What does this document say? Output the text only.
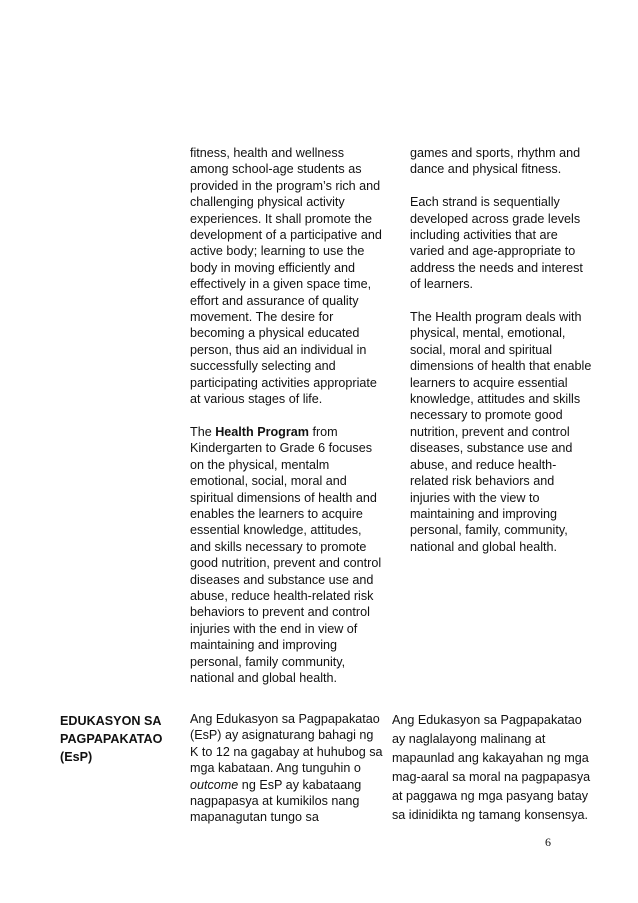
fitness, health and wellness

among school-age students as

provided in the program’s rich and

challenging physical activity

experiences. It shall promote the

development of a participative and

active body; learning to use the

body in moving efficiently and

effectively in a given space time,

effort and assurance of quality

movement. The desire for

becoming a physical educated

person, thus aid an individual in

successfully selecting and

participating activities appropriate

at various stages of life.

The Health Program from

Kindergarten to Grade 6 focuses

on the physical, mentalm

emotional, social, moral and

spiritual dimensions of health and

enables the learners to acquire

essential knowledge, attitudes,

and skills necessary to promote

good nutrition, prevent and control

diseases and substance use and

abuse, reduce health-related risk

behaviors to prevent and control

injuries with the end in view of

maintaining and improving

personal, family community,

national and global health.

games and sports, rhythm and

dance and physical fitness.

Each strand is sequentially

developed across grade levels

including activities that are

varied and age-appropriate to

address the needs and interest

of learners.

The Health program deals with

physical, mental, emotional,

social, moral and spiritual

dimensions of health that enable

learners to acquire essential

knowledge, attitudes and skills

necessary to promote good

nutrition, prevent and control

diseases, substance use and

abuse, and reduce health-

related risk behaviors and

injuries with the view to

maintaining and improving

personal, family, community,

national and global health.

EDUKASYON SA
PAGPAPAKATAO
(EsP)

Ang Edukasyon sa Pagpapakatao

(EsP) ay asignaturang bahagi ng

K to 12 na gagabay at huhubog sa

mga kabataan. Ang tunguhin o

outcome ng EsP ay kabataang

nagpapasya at kumikilos nang

mapanagutan tungo sa

Ang Edukasyon sa Pagpapakatao

ay naglalayong malinang at

mapaunlad ang kakayahan ng mga

mag-aaral sa moral na pagpapasya

at paggawa ng mga pasyang batay

sa idinidikta ng tamang konsensya.

6
